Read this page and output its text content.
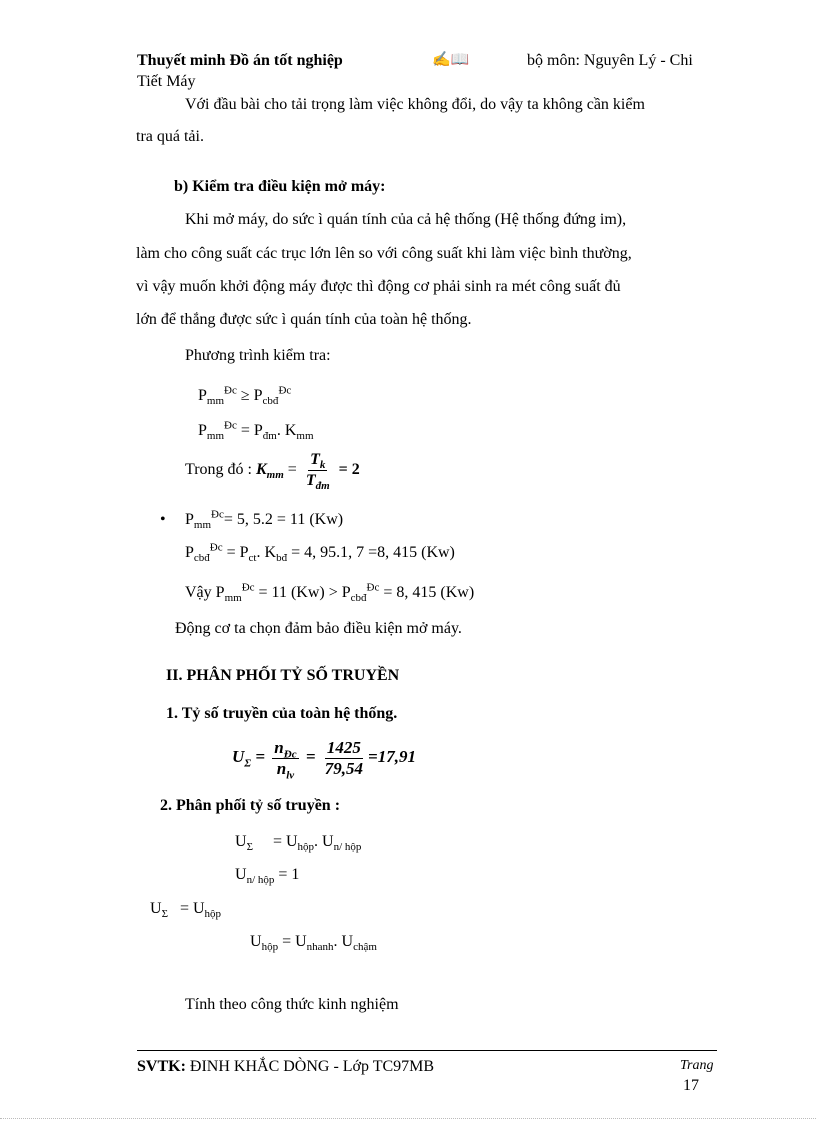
Thuyết minh Đồ án tốt nghiệp	✍📖	bộ môn: Nguyên Lý - Chi
Tiết Máy
Với đầu bài cho tải trọng làm việc không đổi, do vậy ta không cần kiểm
tra quá tải.
b) Kiểm tra điều kiện mở máy:
Khi mở máy, do sức ì quán tính của cả hệ thống (Hệ thống đứng im),
làm cho công suất các trục lớn lên so với công suất khi làm việc bình thường,
vì vậy muốn khởi động máy được thì động cơ phải sinh ra mét công suất đủ
lớn để thắng được sức ì quán tính của toàn hệ thống.
Phương trình kiểm tra:
$P_{mm}^{Đc} \ge P_{cbđ}^{Đc}$
$P_{mm}^{Đc} = P_{đm}$. $K_{mm}$
Trong đó : $K_{mm} = \frac{T_k}{T_{đm}} = 2$
• $P_{mm}^{Đc}= 5$, 5.2 = 11 (Kw)
$P_{cbđ}^{Đc} = P_{ct}$. $K_{bđ} = 4$, 95.1, 7 =8, 415 (Kw)
Vậy $P_{mm}^{Đc} = 11$ $(Kw) > P_{cbđ}^{Đc} = 8$, 415 (Kw)
Động cơ ta chọn đảm bảo điều kiện mở máy.
II. PHÂN PHỐI TỶ SỐ TRUYỀN
1. Tỷ số truyền của toàn hệ thống.
$U_\Sigma = \frac{n_{Đc}}{n_{lv}} = \frac{1425}{79,54} =17,91$
2. Phân phối tỷ số truyền :
$U_\Sigma$     = $U_{hộp}$. $U_{n/ hộp}$
$U_{n/ hộp} = 1$
$U_\Sigma = U_{hộp}$
$U_{hộp} = U_{nhanh}$. $U_{chậm}$
Tính theo công thức kinh nghiệm
SVTK: ĐINH KHẮC DÒNG - Lớp TC97MB	Trang
17
